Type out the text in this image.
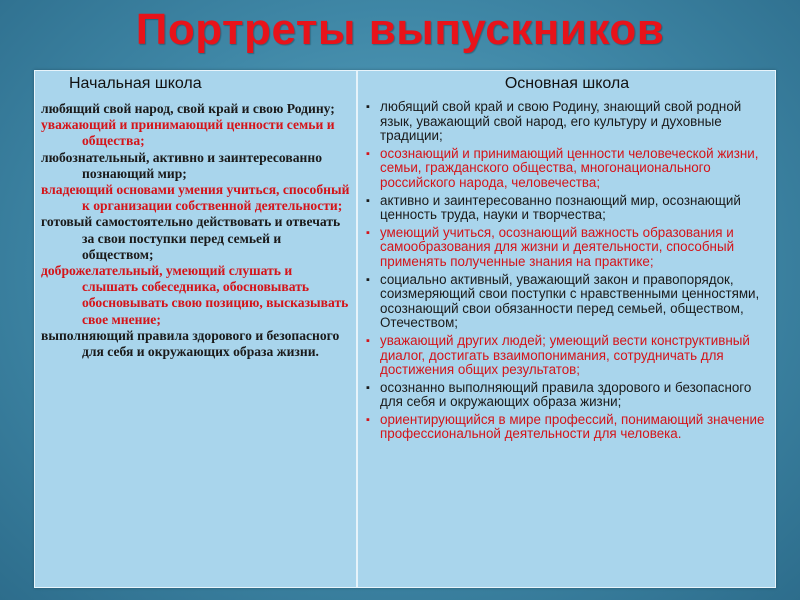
Портреты выпускников
Начальная школа
любящий свой народ, свой край и свою Родину;
уважающий и принимающий ценности семьи и общества;
любознательный, активно и заинтересованно познающий мир;
владеющий основами умения учиться, способный к организации собственной деятельности;
готовый самостоятельно действовать и отвечать за свои поступки перед семьей и обществом;
доброжелательный, умеющий слушать и слышать собеседника, обосновывать обосновывать свою позицию, высказывать свое мнение;
выполняющий правила здорового и безопасного для себя и окружающих образа жизни.
Основная школа
▪ любящий свой край и свою Родину, знающий свой родной язык, уважающий свой народ, его культуру и духовные традиции;
▪ осознающий и принимающий ценности человеческой жизни, семьи, гражданского общества, многонационального российского народа, человечества;
▪ активно и заинтересованно познающий мир, осознающий ценность труда, науки и творчества;
▪ умеющий учиться, осознающий важность образования и самообразования для жизни и деятельности, способный применять полученные знания на практике;
▪ социально активный, уважающий закон и правопорядок, соизмеряющий свои поступки с нравственными ценностями, осознающий свои обязанности перед семьей, обществом, Отечеством;
▪ уважающий других людей; умеющий вести конструктивный диалог, достигать взаимопонимания, сотрудничать для достижения общих результатов;
▪ осознанно выполняющий правила здорового и безопасного для себя и окружающих образа жизни;
▪ ориентирующийся в мире профессий, понимающий значение профессиональной деятельности для человека.
